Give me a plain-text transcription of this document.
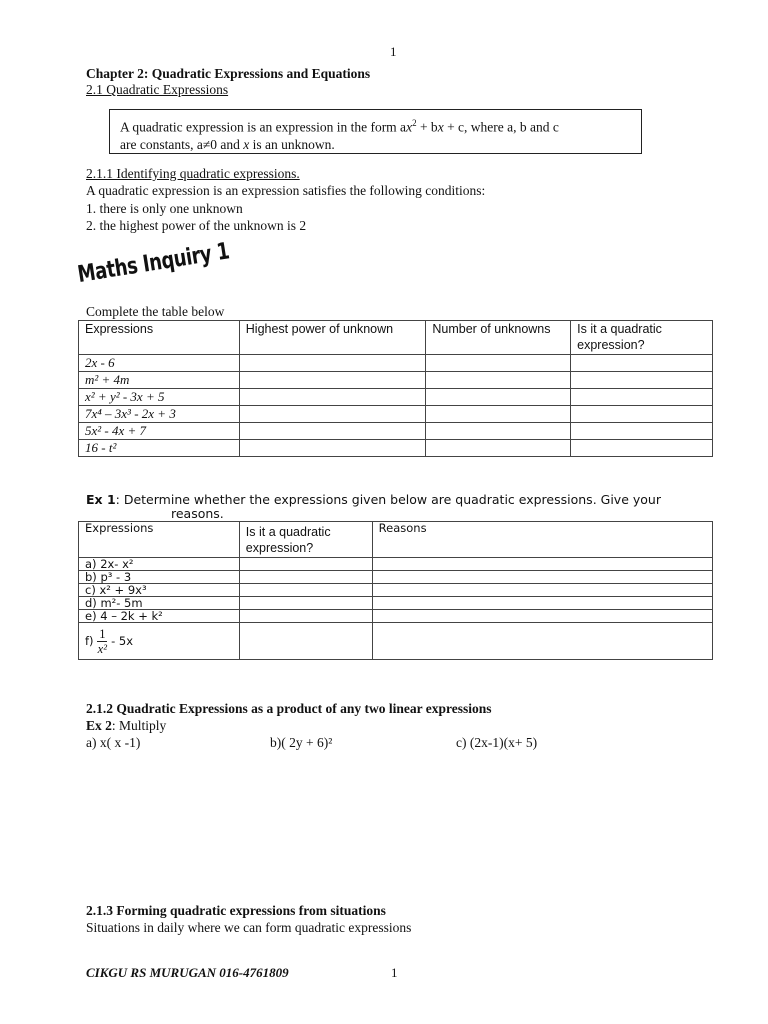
1
Chapter 2: Quadratic Expressions and Equations
2.1 Quadratic Expressions
A quadratic expression is an expression in the form $ax^2$ + bx + c, where a, b and c
are constants, a≠0 and x is an unknown.
2.1.1 Identifying quadratic expressions.
A quadratic expression is an expression satisfies the following conditions:
1. there is only one unknown
2. the highest power of the unknown is 2
Maths Inquiry 1
Complete the table below
Expressions	Highest power of unknown	Number of unknowns	Is it a quadratic expression?
2x - 6			
m² + 4m			
x² + y² - 3x + 5			
7x⁴ – 3x³ - 2x + 3			
5x² - 4x + 7			
16 - t²			
Ex 1: Determine whether the expressions given below are quadratic expressions. Give your
reasons.
Expressions	Is it a quadratic expression?	Reasons
a) 2x- x²		
b) p³ - 3		
c) x² + 9x³		
d) m²- 5m		
e) 4 – 2k + k²		
$f) \frac{1}{\text{x²}} - 5x$		
2.1.2 Quadratic Expressions as a product of any two linear expressions
Ex 2: Multiply
a) x( x -1)	b)( 2y + 6)²	c) (2x-1)(x+ 5)
2.1.3 Forming quadratic expressions from situations
Situations in daily where we can form quadratic expressions
CIKGU RS MURUGAN 016-4761809	1
